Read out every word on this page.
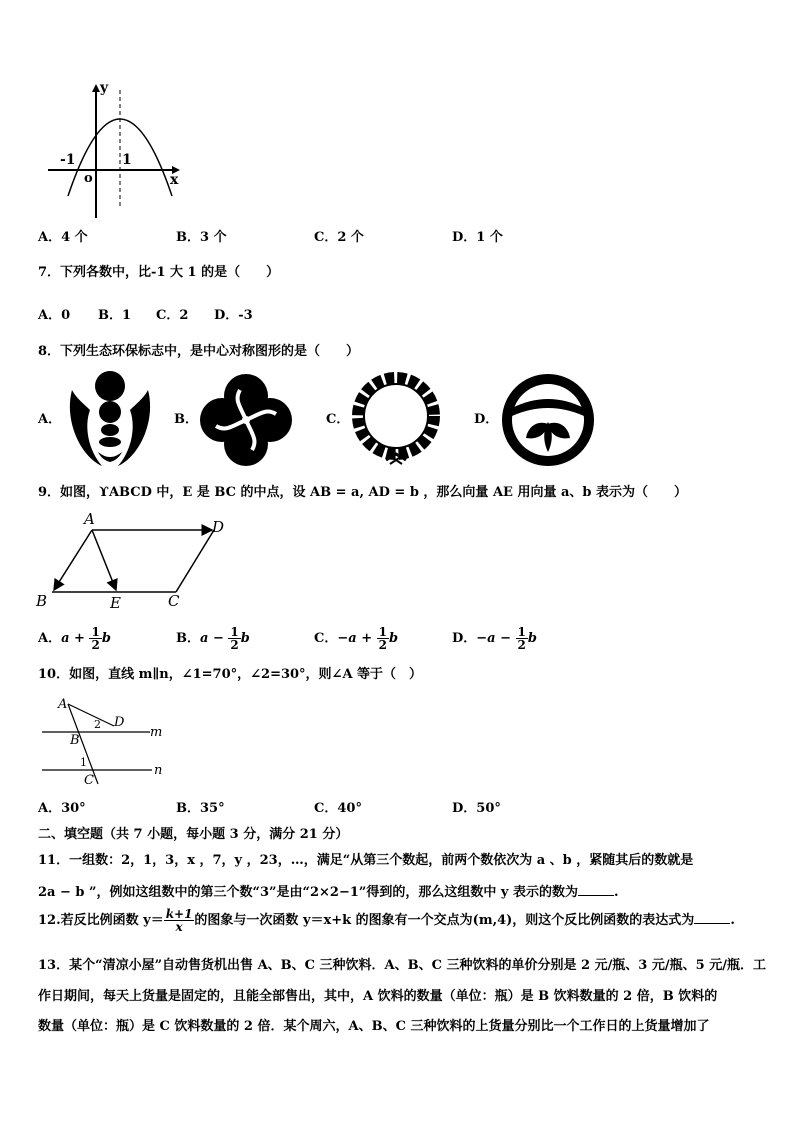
y
x
-1	1
o
A．4 个	B．3 个	C．2 个	D．1 个
7．下列各数中，比-1 大 1 的是（　　）
A．0 B．1 C．2 D．-3
8．下列生态环保标志中，是中心对称图形的是（　　）
A．	B．	C．	D．
9．如图，ϒABCD 中，E 是 BC 的中点，设 AB = a, AD = b ，那么向量 AE 用向量 a、b 表示为（　　）
A	D
B	E	C
A．$a + \frac{1}{2}$ b	B．$a - \frac{1}{2}$ b	C．$-a + \frac{1}{2}$ b	D．$-a - \frac{1}{2}$ b
10．如图，直线 m∥n，∠1=70°，∠2=30°，则∠A 等于（　）
A
D
2
B
m
1
C
n
A．30°	B．35°	C．40°	D．50°
二、填空题（共 7 小题，每小题 3 分，满分 21 分）
11．一组数：2，1，3，x ，7，y ，23，…，满足“从第三个数起，前两个数依次为 a 、b ，紧随其后的数就是
2a − b ”，例如这组数中的第三个数“3”是由“2×2−1”得到的，那么这组数中 y 表示的数为	.
12.若反比例函数 $y= \frac{k+1}{x}$ 的图象与一次函数 y＝x+k 的图象有一个交点为(m,4)，则这个反比例函数的表达式为	.
13．某个“清凉小屋”自动售货机出售 A、B、C 三种饮料．A、B、C 三种饮料的单价分别是 2 元/瓶、3 元/瓶、5 元/瓶．工
作日期间，每天上货量是固定的，且能全部售出，其中，A 饮料的数量（单位：瓶）是 B 饮料数量的 2 倍，B 饮料的
数量（单位：瓶）是 C 饮料数量的 2 倍．某个周六，A、B、C 三种饮料的上货量分别比一个工作日的上货量增加了
